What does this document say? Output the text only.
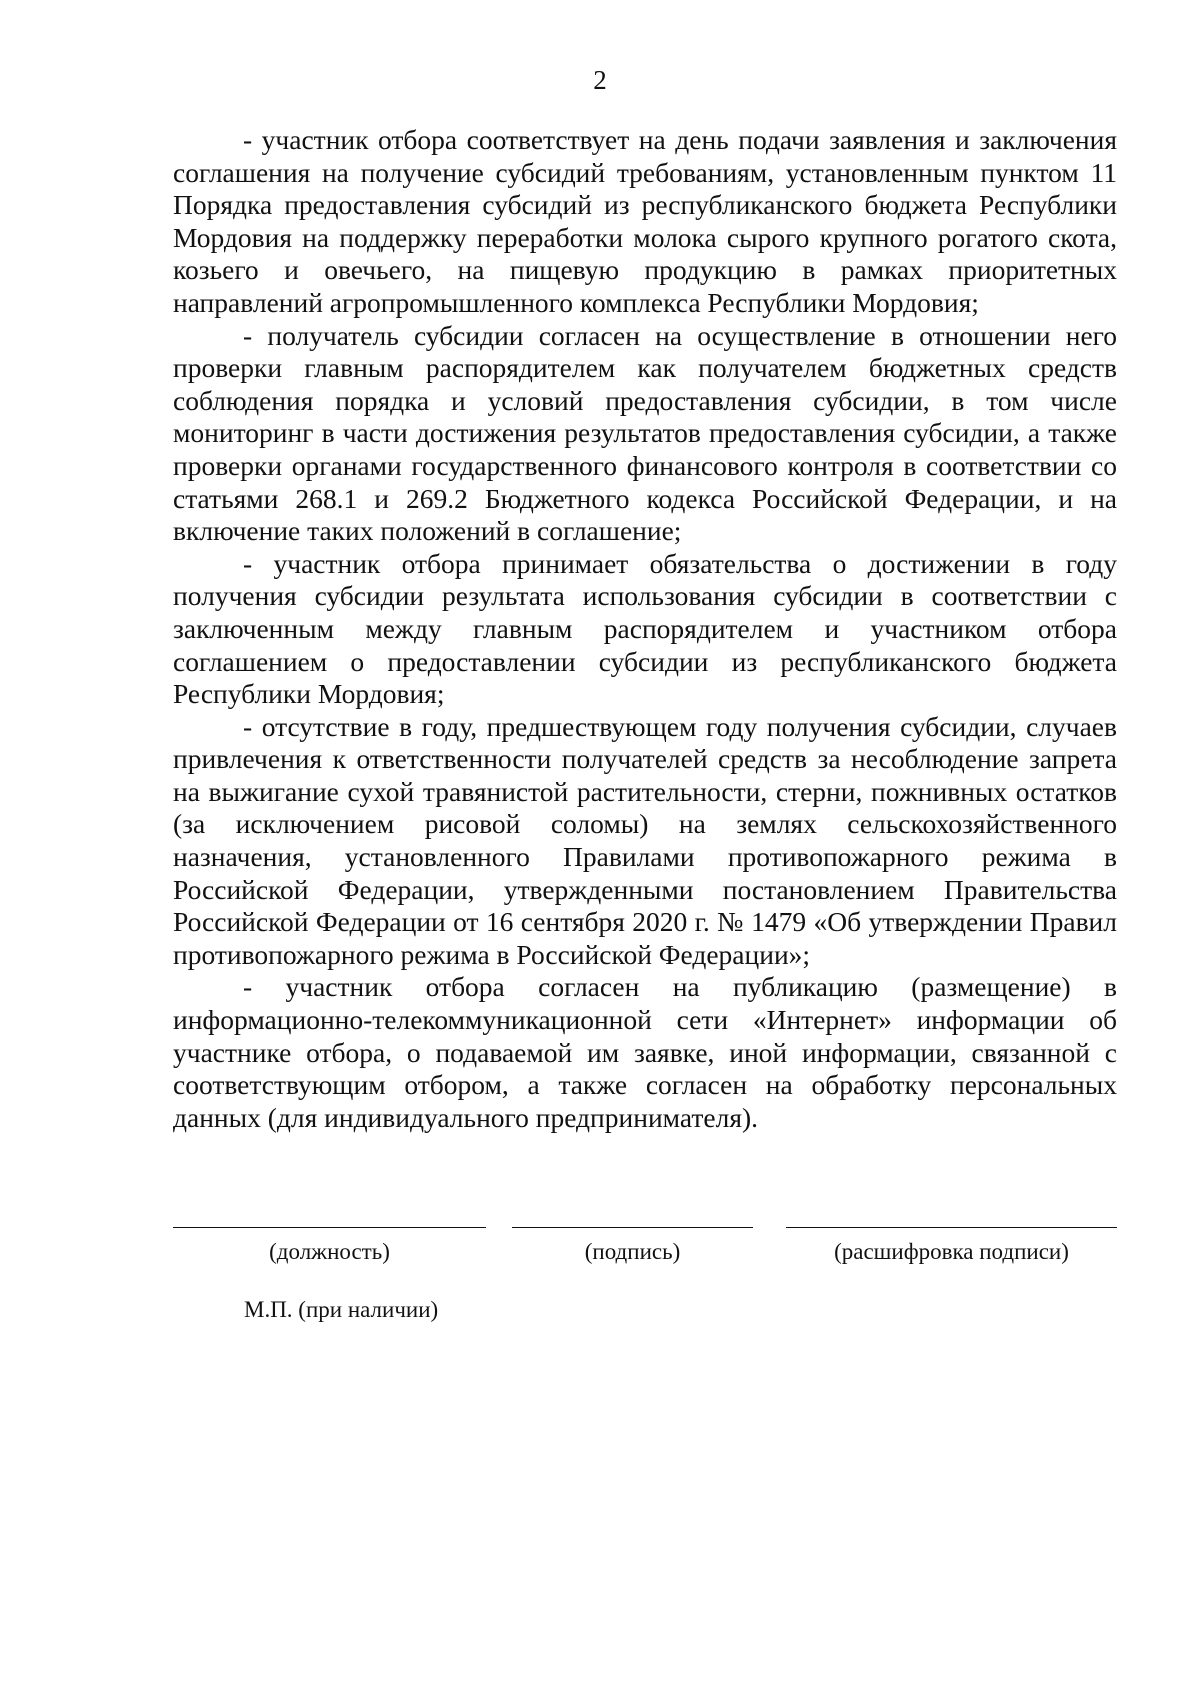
2

- участник отбора соответствует на день подачи заявления и заключения соглашения на получение субсидий требованиям, установленным пунктом 11 Порядка предоставления субсидий из республиканского бюджета Республики Мордовия на поддержку переработки молока сырого крупного рогатого скота, козьего и овечьего, на пищевую продукцию в рамках приоритетных направлений агропромышленного комплекса Республики Мордовия;

- получатель субсидии согласен на осуществление в отношении него проверки главным распорядителем как получателем бюджетных средств соблюдения порядка и условий предоставления субсидии, в том числе мониторинг в части достижения результатов предоставления субсидии, а также проверки органами государственного финансового контроля в соответствии со статьями 268.1 и 269.2 Бюджетного кодекса Российской Федерации, и на включение таких положений в соглашение;

- участник отбора принимает обязательства о достижении в году получения субсидии результата использования субсидии в соответствии с заключенным между главным распорядителем и участником отбора соглашением о предоставлении субсидии из республиканского бюджета Республики Мордовия;

- отсутствие в году, предшествующем году получения субсидии, случаев привлечения к ответственности получателей средств за несоблюдение запрета на выжигание сухой травянистой растительности, стерни, пожнивных остатков (за исключением рисовой соломы) на землях сельскохозяйственного назначения, установленного Правилами противопожарного режима в Российской Федерации, утвержденными постановлением Правительства Российской Федерации от 16 сентября 2020 г. № 1479 «Об утверждении Правил противопожарного режима в Российской Федерации»;

- участник отбора согласен на публикацию (размещение) в информационно-телекоммуникационной сети «Интернет» информации об участнике отбора, о подаваемой им заявке, иной информации, связанной с соответствующим отбором, а также согласен на обработку персональных данных (для индивидуального предпринимателя).

(должность)	(подпись)	(расшифровка подписи)
М.П. (при наличии)
